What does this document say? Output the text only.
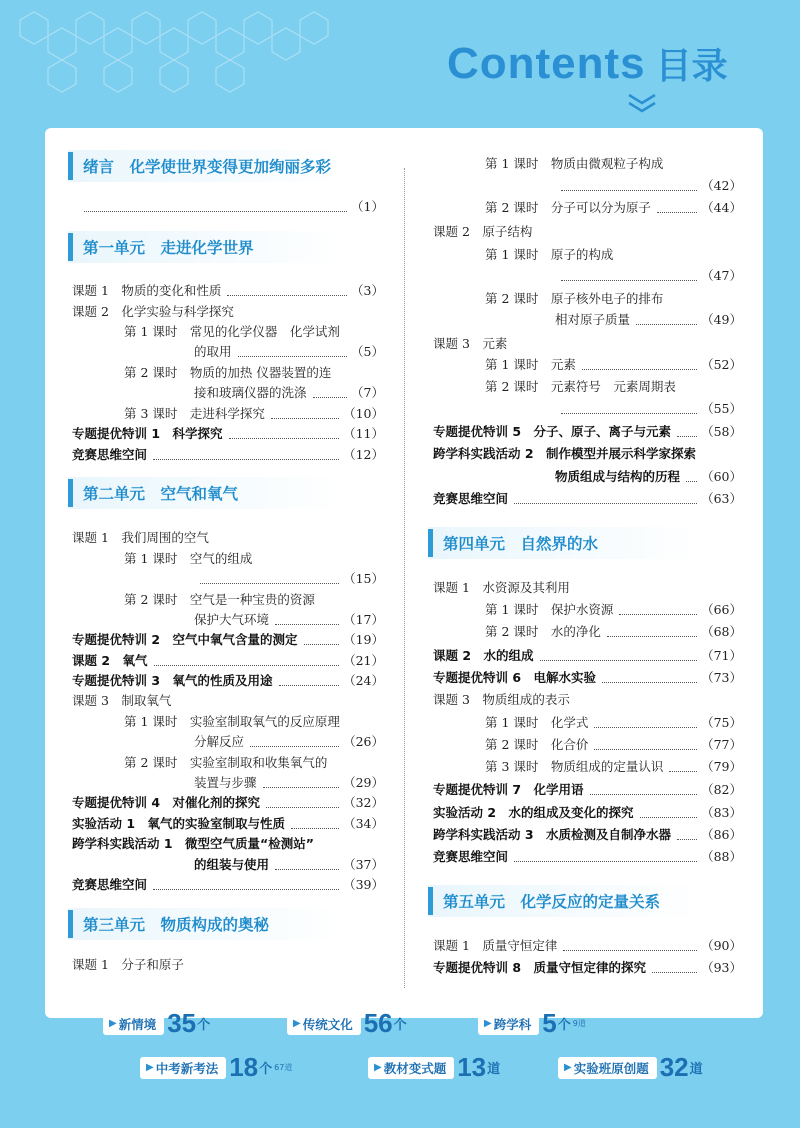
Contents 目录
绪言　化学使世界变得更加绚丽多彩
（1）
第一单元　走进化学世界
课题 1　物质的变化和性质	（3）
课题 2　化学实验与科学探究
第 1 课时　常见的化学仪器　化学试剂
的取用	（5）
第 2 课时　物质的加热 仪器装置的连
接和玻璃仪器的洗涤	（7）
第 3 课时　走进科学探究	（10）
专题提优特训 1　科学探究	（11）
竞赛思维空间	（12）
第二单元　空气和氧气
课题 1　我们周围的空气
第 1 课时　空气的组成
（15）
第 2 课时　空气是一种宝贵的资源
保护大气环境	（17）
专题提优特训 2　空气中氧气含量的测定	（19）
课题 2　氧气	（21）
专题提优特训 3　氧气的性质及用途	（24）
课题 3　制取氧气
第 1 课时　实验室制取氧气的反应原理
分解反应	（26）
第 2 课时　实验室制取和收集氧气的
装置与步骤	（29）
专题提优特训 4　对催化剂的探究	（32）
实验活动 1　氧气的实验室制取与性质	（34）
跨学科实践活动 1　微型空气质量“检测站”
的组装与使用	（37）
竞赛思维空间	（39）
第三单元　物质构成的奥秘
课题 1　分子和原子
第 1 课时　物质由微观粒子构成
（42）
第 2 课时　分子可以分为原子	（44）
课题 2　原子结构
第 1 课时　原子的构成
（47）
第 2 课时　原子核外电子的排布
相对原子质量	（49）
课题 3　元素
第 1 课时　元素	（52）
第 2 课时　元素符号　元素周期表
（55）
专题提优特训 5　分子、原子、离子与元素 （58）
跨学科实践活动 2　制作模型并展示科学家探索
物质组成与结构的历程 （60）
竞赛思维空间	（63）
第四单元　自然界的水
课题 1　水资源及其利用
第 1 课时　保护水资源	（66）
第 2 课时　水的净化	（68）
课题 2　水的组成	（71）
专题提优特训 6　电解水实验	（73）
课题 3　物质组成的表示
第 1 课时　化学式	（75）
第 2 课时　化合价	（77）
第 3 课时　物质组成的定量认识	（79）
专题提优特训 7　化学用语	（82）
实验活动 2　水的组成及变化的探究	（83）
跨学科实践活动 3　水质检测及自制净水器 （86）
竞赛思维空间	（88）
第五单元　化学反应的定量关系
课题 1　质量守恒定律	（90）
专题提优特训 8　质量守恒定律的探究	（93）
▶ 新情境 35 个	▶ 传统文化 56 个	▶ 跨学科 5 个 9道
▶ 中考新考法 18 个 67道	▶ 教材变式题 13 道	▶ 实验班原创题 32 道
